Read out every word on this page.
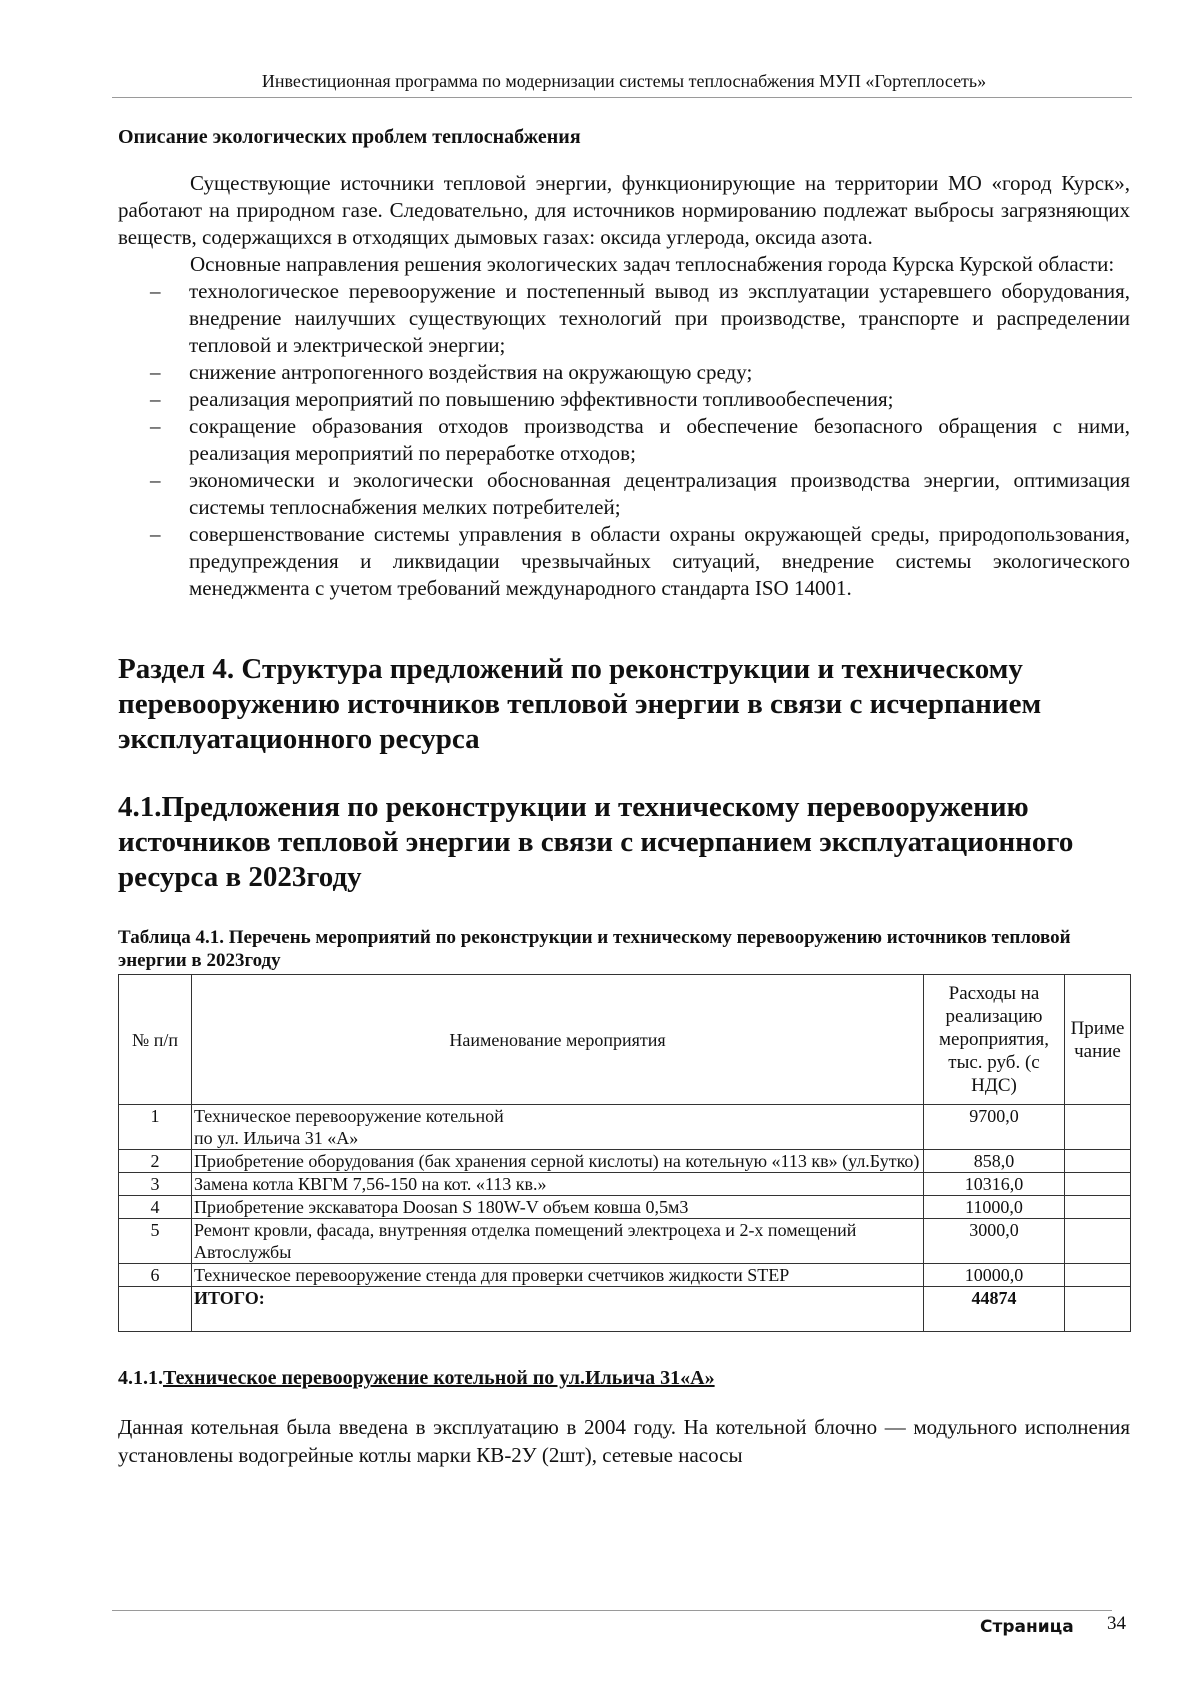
Инвестиционная программа по модернизации системы теплоснабжения МУП «Гортеплосеть»
Описание экологических проблем теплоснабжения

Существующие источники тепловой энергии, функционирующие на территории МО «город Курск», работают на природном газе. Следовательно, для источников нормированию подлежат выбросы загрязняющих веществ, содержащихся в отходящих дымовых газах: оксида углерода, оксида азота.

Основные направления решения экологических задач теплоснабжения города Курска Курской области:

– технологическое перевооружение и постепенный вывод из эксплуатации устаревшего оборудования, внедрение наилучших существующих технологий при производстве, транспорте и распределении тепловой и электрической энергии;
– снижение антропогенного воздействия на окружающую среду;
– реализация мероприятий по повышению эффективности топливообеспечения;
– сокращение образования отходов производства и обеспечение безопасного обращения с ними, реализация мероприятий по переработке отходов;
– экономически и экологически обоснованная децентрализация производства энергии, оптимизация системы теплоснабжения мелких потребителей;
– совершенствование системы управления в области охраны окружающей среды, природопользования, предупреждения и ликвидации чрезвычайных ситуаций, внедрение системы экологического менеджмента с учетом требований международного стандарта ISO 14001.
Раздел 4. Структура предложений по реконструкции и техническому перевооружению источников тепловой энергии в связи с исчерпанием эксплуатационного ресурса
4.1.Предложения по реконструкции и техническому перевооружению источников тепловой энергии в связи с исчерпанием эксплуатационного ресурса в 2023году
Таблица 4.1. Перечень мероприятий по реконструкции и техническому перевооружению источников тепловой энергии в 2023году
№ п/п	Наименование мероприятия	Расходы на реализацию мероприятия, тыс. руб. (с НДС)	Примечание
1	Техническое перевооружение котельной
по ул. Ильича 31 «А»	9700,0	
2	Приобретение оборудования (бак хранения серной кислоты) на котельную «113 кв» (ул.Бутко)	858,0	
3	Замена котла КВГМ 7,56-150 на кот. «113 кв.»	10316,0	
4	Приобретение экскаватора Doosan S 180W-V объем ковша 0,5м3	11000,0	
5	Ремонт кровли, фасада, внутренняя отделка помещений электроцеха и 2-х помещений Автослужбы	3000,0	
6	Техническое перевооружение стенда для проверки счетчиков жидкости STEP	10000,0	
	ИТОГО:	44874	
4.1.1.Техническое перевооружение котельной по ул.Ильича 31«А»

Данная котельная была введена в эксплуатацию в 2004 году. На котельной блочно — модульного исполнения установлены водогрейные котлы марки КВ-2У (2шт), сетевые насосы

Страница 34
